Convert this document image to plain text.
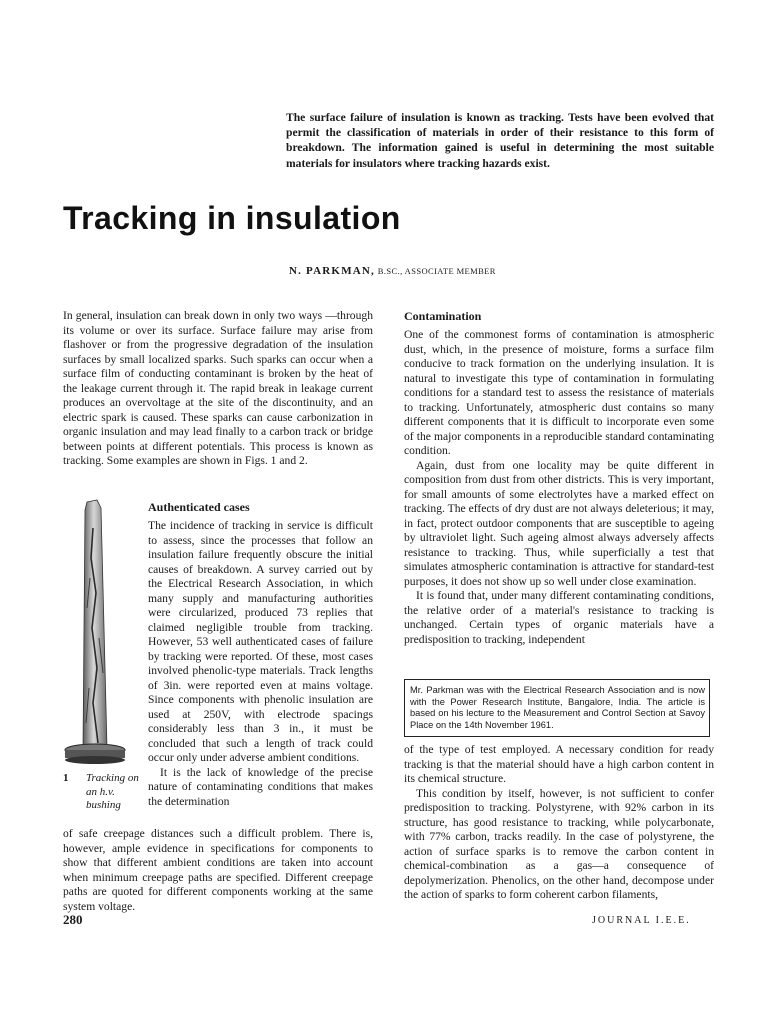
The surface failure of insulation is known as tracking. Tests have been evolved that permit the classification of materials in order of their resistance to this form of breakdown. The information gained is useful in determining the most suitable materials for insulators where tracking hazards exist.
Tracking in insulation
N. PARKMAN, B.SC., ASSOCIATE MEMBER

In general, insulation can break down in only two ways —through its volume or over its surface. Surface failure may arise from flashover or from the progressive degradation of the insulation surfaces by small localized sparks. Such sparks can occur when a surface film of conducting contaminant is broken by the heat of the leakage current through it. The rapid break in leakage current produces an overvoltage at the site of the discontinuity, and an electric spark is caused. These sparks can cause carbonization in organic insulation and may lead finally to a carbon track or bridge between points at different potentials. This process is known as tracking. Some examples are shown in Figs. 1 and 2.

1 Tracking on an h.v. bushing
Authenticated cases

The incidence of tracking in service is difficult to assess, since the processes that follow an insulation failure frequently obscure the initial causes of breakdown. A survey carried out by the Electrical Research Association, in which many supply and manufacturing authorities were circularized, produced 73 replies that claimed negligible trouble from tracking. However, 53 well authenticated cases of failure by tracking were reported. Of these, most cases involved phenolic-type materials. Track lengths of 3in. were reported even at mains voltage. Since components with phenolic insulation are used at 250V, with electrode spacings considerably less than 3 in., it must be concluded that such a length of track could occur only under adverse ambient conditions.

It is the lack of knowledge of the precise nature of contaminating conditions that makes the determination

of safe creepage distances such a difficult problem. There is, however, ample evidence in specifications for components to show that different ambient conditions are taken into account when minimum creepage paths are specified. Different creepage paths are quoted for different components working at the same system voltage.

Contamination

One of the commonest forms of contamination is atmospheric dust, which, in the presence of moisture, forms a surface film conducive to track formation on the underlying insulation. It is natural to investigate this type of contamination in formulating conditions for a standard test to assess the resistance of materials to tracking. Unfortunately, atmospheric dust contains so many different components that it is difficult to incorporate even some of the major components in a reproducible standard contaminating condition.

Again, dust from one locality may be quite different in composition from dust from other districts. This is very important, for small amounts of some electrolytes have a marked effect on tracking. The effects of dry dust are not always deleterious; it may, in fact, protect outdoor components that are susceptible to ageing by ultraviolet light. Such ageing almost always adversely affects resistance to tracking. Thus, while superficially a test that simulates atmospheric contamination is attractive for standard-test purposes, it does not show up so well under close examination.

It is found that, under many different contaminating conditions, the relative order of a material's resistance to tracking is unchanged. Certain types of organic materials have a predisposition to tracking, independent

Mr. Parkman was with the Electrical Research Association and is now with the Power Research Institute, Bangalore, India. The article is based on his lecture to the Measurement and Control Section at Savoy Place on the 14th November 1961.

of the type of test employed. A necessary condition for ready tracking is that the material should have a high carbon content in its chemical structure.

This condition by itself, however, is not sufficient to confer predisposition to tracking. Polystyrene, with 92% carbon in its structure, has good resistance to tracking, while polycarbonate, with 77% carbon, tracks readily. In the case of polystyrene, the action of surface sparks is to remove the carbon content in chemical-combination as a gas—a consequence of depolymerization. Phenolics, on the other hand, decompose under the action of sparks to form coherent carbon filaments,

280	JOURNAL I.E.E.
